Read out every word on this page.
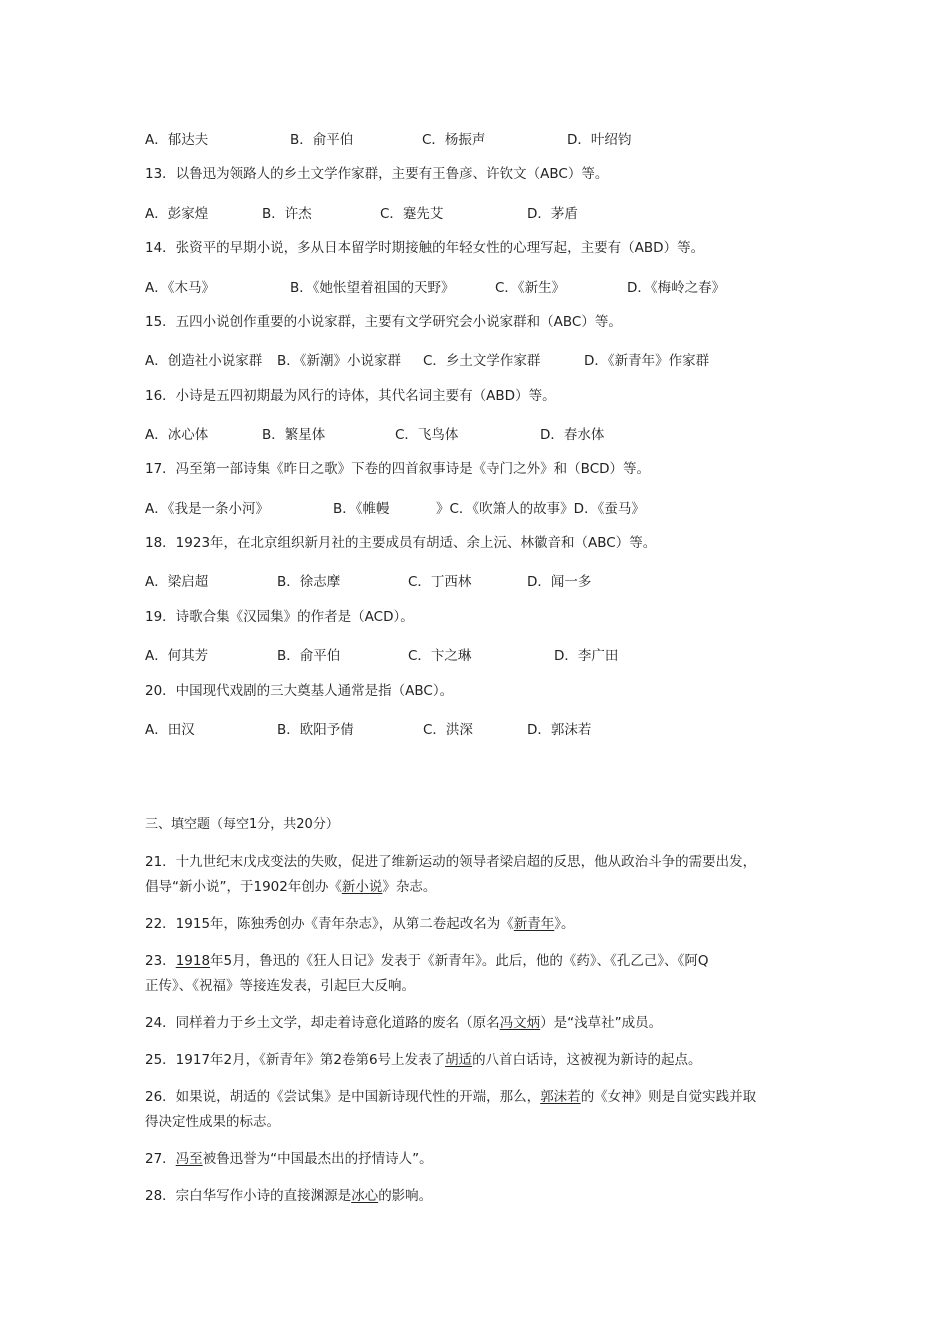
A．郁达夫	B．俞平伯	C．杨振声	D．叶绍钧
13．以鲁迅为领路人的乡土文学作家群，主要有王鲁彦、许钦文（ABC）等。
A．彭家煌	B．许杰	C．蹇先艾	D．茅盾
14．张资平的早期小说，多从日本留学时期接触的年轻女性的心理写起，主要有（ABD）等。
A．《木马》	B．《她怅望着祖国的天野》	C．《新生》	D．《梅岭之春》
15．五四小说创作重要的小说家群，主要有文学研究会小说家群和（ABC）等。
A．创造社小说家群 B．《新潮》小说家群 C．乡土文学作家群	D．《新青年》作家群
16．小诗是五四初期最为风行的诗体，其代名词主要有（ABD）等。
A．冰心体	B．繁星体	C．飞鸟体	D．春水体
17．冯至第一部诗集《昨日之歌》下卷的四首叙事诗是《寺门之外》和（BCD）等。
A．《我是一条小河》	B．《帷幔	》C．《吹箫人的故事》D．《蚕马》
18．1923年，在北京组织新月社的主要成员有胡适、余上沅、林徽音和（ABC）等。
A．梁启超	B．徐志摩	C．丁西林	D．闻一多
19．诗歌合集《汉园集》的作者是（ACD）。
A．何其芳	B．俞平伯	C．卞之琳	D．李广田
20．中国现代戏剧的三大奠基人通常是指（ABC）。
A．田汉	B．欧阳予倩	C．洪深	D．郭沫若
三、填空题（每空1分，共20分）
21．十九世纪末戊戌变法的失败，促进了维新运动的领导者梁启超的反思，他从政治斗争的需要出发，
倡导“新小说”，于1902年创办《新小说》杂志。
22．1915年，陈独秀创办《青年杂志》，从第二卷起改名为《新青年》。
23．1918年5月，鲁迅的《狂人日记》发表于《新青年》。此后，他的《药》、《孔乙己》、《阿Q
正传》、《祝福》等接连发表，引起巨大反响。
24．同样着力于乡土文学，却走着诗意化道路的废名（原名冯文炳）是“浅草社”成员。
25．1917年2月，《新青年》第2卷第6号上发表了胡适的八首白话诗，这被视为新诗的起点。
26．如果说，胡适的《尝试集》是中国新诗现代性的开端，那么，郭沫若的《女神》则是自觉实践并取
得决定性成果的标志。
27．冯至被鲁迅誉为“中国最杰出的抒情诗人”。
28．宗白华写作小诗的直接渊源是冰心的影响。
